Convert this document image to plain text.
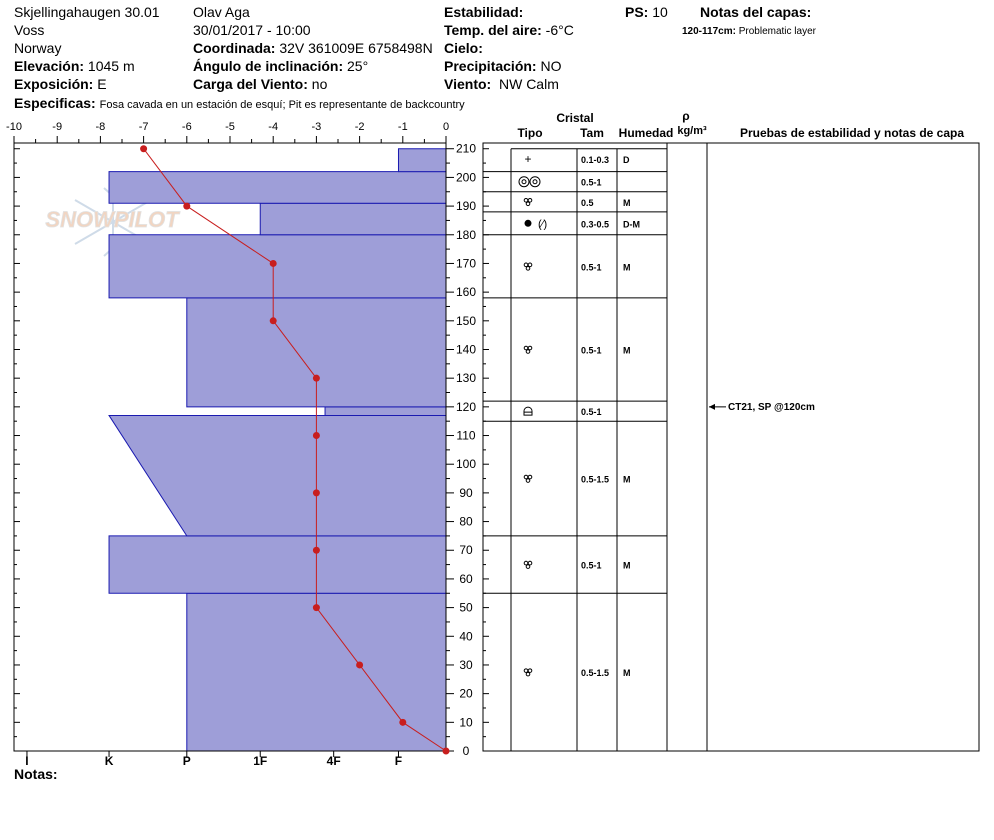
Skjellingahaugen 30.01
Voss
Norway
Elevación: 1045 m
Exposición: E
Especificas: Fosa cavada en un estación de esquí; Pit es representante de backcountry
Olav Aga
30/01/2017 - 10:00
Coordinada: 32V 361009E 6758498N
Ángulo de inclinación: 25°
Carga del Viento: no
Estabilidad:
Temp. del aire: -6°C
Cielo:
Precipitación: NO
Viento: NW Calm
PS: 10 Notas del capas:
120-117cm: Problematic layer
Notas:
SNOWPILOT
-10	-9	-8	-7	-6	-5	-4	-3	-2	-1	0
0
10
20
30
40
50
60
70
80
90
100
110
120
130
140
150
160
170
180
190
200
210
I	K	P	1F	4F	F
+	0.1-0.3 D
0.5-1
0.5	M
(⁄)	0.3-0.5 D-M
0.5-1 M
0.5-1 M
0.5-1
0.5-1.5 M
0.5-1 M
0.5-1.5 M
CT21, SP @120cm
Cristal
Tipo	Tam Humedad
ρ
kg/m³	Pruebas de estabilidad y notas de capa
